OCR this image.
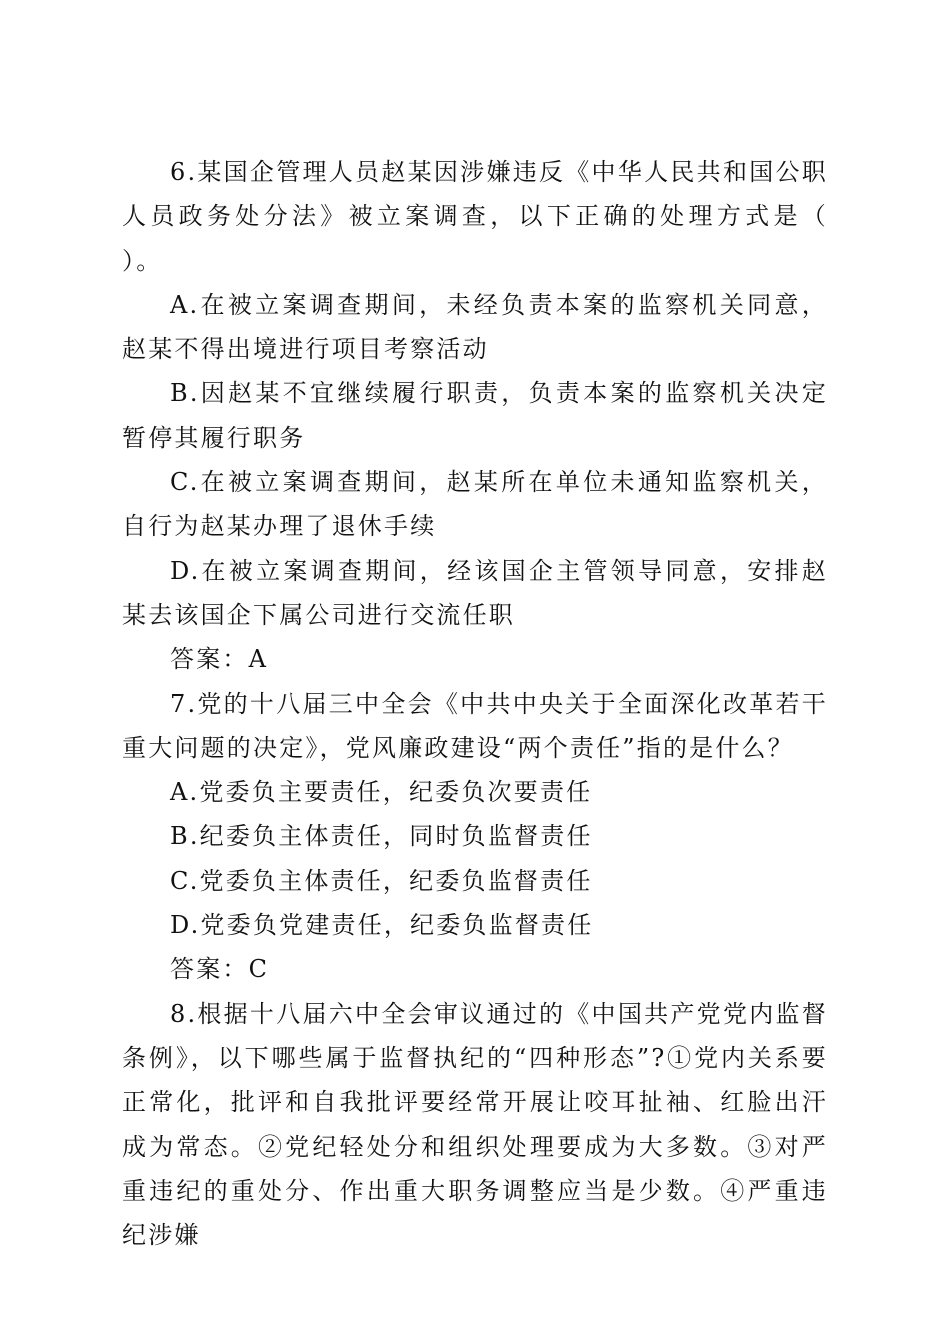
6.某国企管理人员赵某因涉嫌违反《中华人民共和国公职人员政务处分法》被立案调查，以下正确的处理方式是（　　）。

A.在被立案调查期间，未经负责本案的监察机关同意，赵某不得出境进行项目考察活动

B.因赵某不宜继续履行职责，负责本案的监察机关决定暂停其履行职务

C.在被立案调查期间，赵某所在单位未通知监察机关，自行为赵某办理了退休手续

D.在被立案调查期间，经该国企主管领导同意，安排赵某去该国企下属公司进行交流任职

答案：A

7.党的十八届三中全会《中共中央关于全面深化改革若干重大问题的决定》，党风廉政建设“两个责任”指的是什么？

A.党委负主要责任，纪委负次要责任

B.纪委负主体责任，同时负监督责任

C.党委负主体责任，纪委负监督责任

D.党委负党建责任，纪委负监督责任

答案：C

8.根据十八届六中全会审议通过的《中国共产党党内监督条例》，以下哪些属于监督执纪的“四种形态”?①党内关系要正常化，批评和自我批评要经常开展让咬耳扯袖、红脸出汗成为常态。②党纪轻处分和组织处理要成为大多数。③对严重违纪的重处分、作出重大职务调整应当是少数。④严重违纪涉嫌
